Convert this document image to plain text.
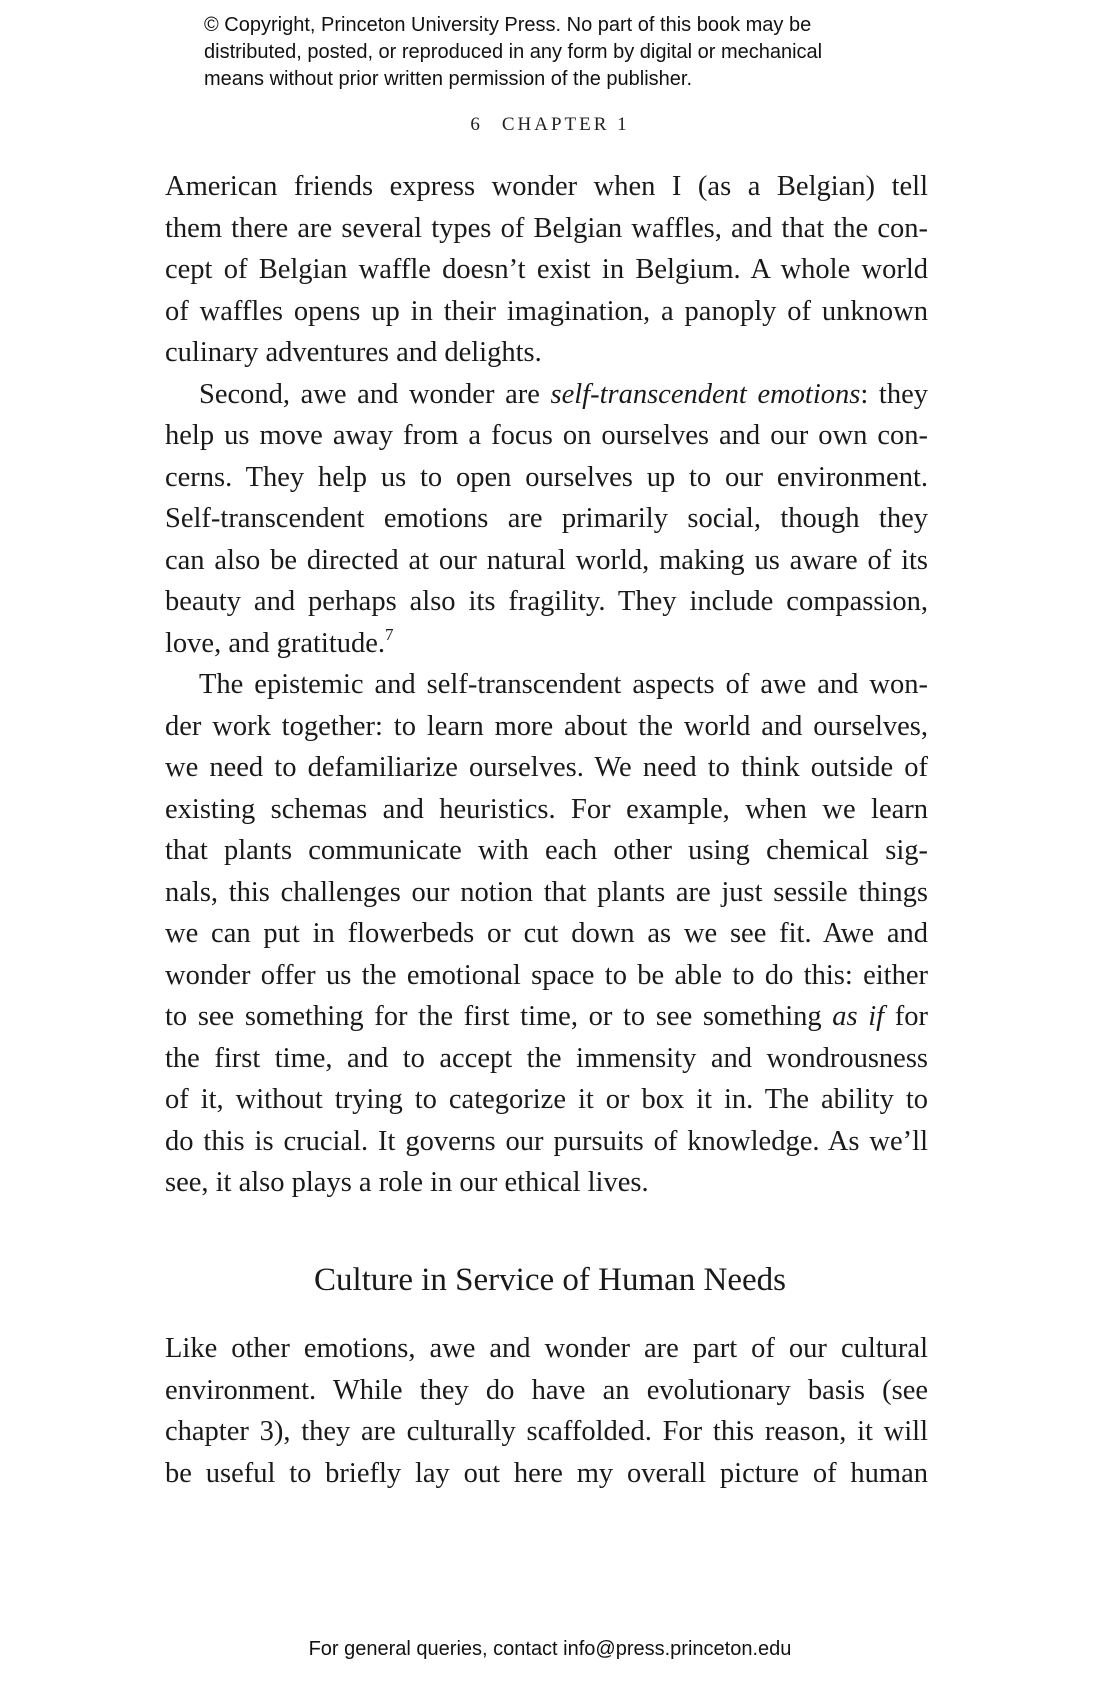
© Copyright, Princeton University Press. No part of this book may be
distributed, posted, or reproduced in any form by digital or mechanical
means without prior written permission of the publisher.
6 CHAPTER 1
American friends express wonder when I (as a Belgian) tell
them there are several types of Belgian waffles, and that the con-
cept of Belgian waffle doesn’t exist in Belgium. A whole world
of waffles opens up in their imagination, a panoply of unknown
culinary adventures and delights.
Second, awe and wonder are self-transcendent emotions: they
help us move away from a focus on ourselves and our own con-
cerns. They help us to open ourselves up to our environment.
Self-transcendent emotions are primarily social, though they
can also be directed at our natural world, making us aware of its
beauty and perhaps also its fragility. They include compassion,
love, and gratitude.$^7$
The epistemic and self-transcendent aspects of awe and won-
der work together: to learn more about the world and ourselves,
we need to defamiliarize ourselves. We need to think outside of
existing schemas and heuristics. For example, when we learn
that plants communicate with each other using chemical sig-
nals, this challenges our notion that plants are just sessile things
we can put in flowerbeds or cut down as we see fit. Awe and
wonder offer us the emotional space to be able to do this: either
to see something for the first time, or to see something as if for
the first time, and to accept the immensity and wondrousness
of it, without trying to categorize it or box it in. The ability to
do this is crucial. It governs our pursuits of knowledge. As we’ll
see, it also plays a role in our ethical lives.
Culture in Service of Human Needs
Like other emotions, awe and wonder are part of our cultural
environment. While they do have an evolutionary basis (see
chapter 3), they are culturally scaffolded. For this reason, it will
be useful to briefly lay out here my overall picture of human
For general queries, contact info@press.princeton.edu
